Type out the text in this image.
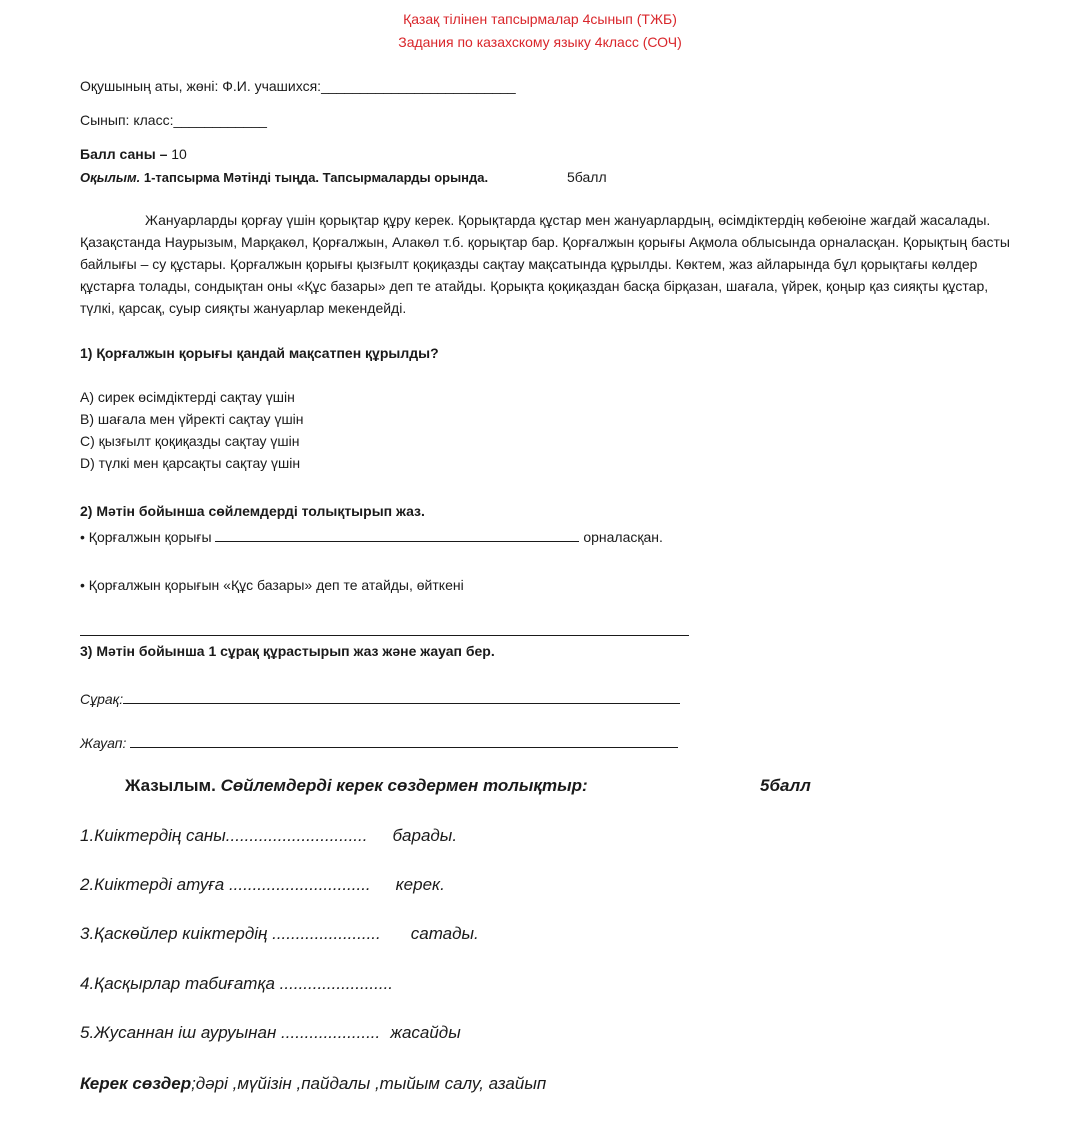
Қазақ тілінен тапсырмалар 4сынып (ТЖБ)
Задания по казахскому языку 4класс (СОЧ)
Оқушының аты, жөні: Ф.И. учашихся:_________________________
Сынып: класс:____________
Балл саны – 10
Оқылым. 1-тапсырма Мәтінді тыңда. Тапсырмаларды орында.	5балл

Жануарларды қорғау үшін қорықтар құру керек. Қорықтарда құстар мен жануарлардың, өсімдіктердің көбеюіне жағдай жасалады. Қазақстанда Наурызым, Марқакөл, Қорғалжын, Алакөл т.б. қорықтар бар. Қорғалжын қорығы Ақмола облысында орналасқан. Қорықтың басты байлығы – су құстары. Қорғалжын қорығы қызғылт қоқиқазды сақтау мақсатында құрылды. Көктем, жаз айларында бұл қорықтағы көлдер құстарға толады, сондықтан оны «Құс базары» деп те атайды. Қорықта қоқиқаздан басқа бірқазан, шағала, үйрек, қоңыр қаз сияқты құстар, түлкі, қарсақ, суыр сияқты жануарлар мекендейді.

1) Қорғалжын қорығы қандай мақсатпен құрылды?
A) сирек өсімдіктерді сақтау үшін
B) шағала мен үйректі сақтау үшін
C) қызғылт қоқиқазды сақтау үшін
D) түлкі мен қарсақты сақтау үшін
2) Мәтін бойынша сөйлемдерді толықтырып жаз.
• Қорғалжын қорығы	орналасқан.
• Қорғалжын қорығын «Құс базары» деп те атайды, өйткені
3) Мәтін бойынша 1 сұрақ құрастырып жаз және жауап бер.
Сұрақ:
Жауап:
Жазылым. Сөйлемдерді керек сөздермен толықтыр:	5балл
1.Киіктердің саны.............................. барады.
2.Киіктерді атуға .............................. керек.
3.Қаскөйлер киіктердің ....................... сатады.
4.Қасқырлар табиғатқа ........................
5.Жусаннан іш ауруынан ..................... жасайды
Керек сөздер;дәрі ,мүйізін ,пайдалы ,тыйым салу, азайып
